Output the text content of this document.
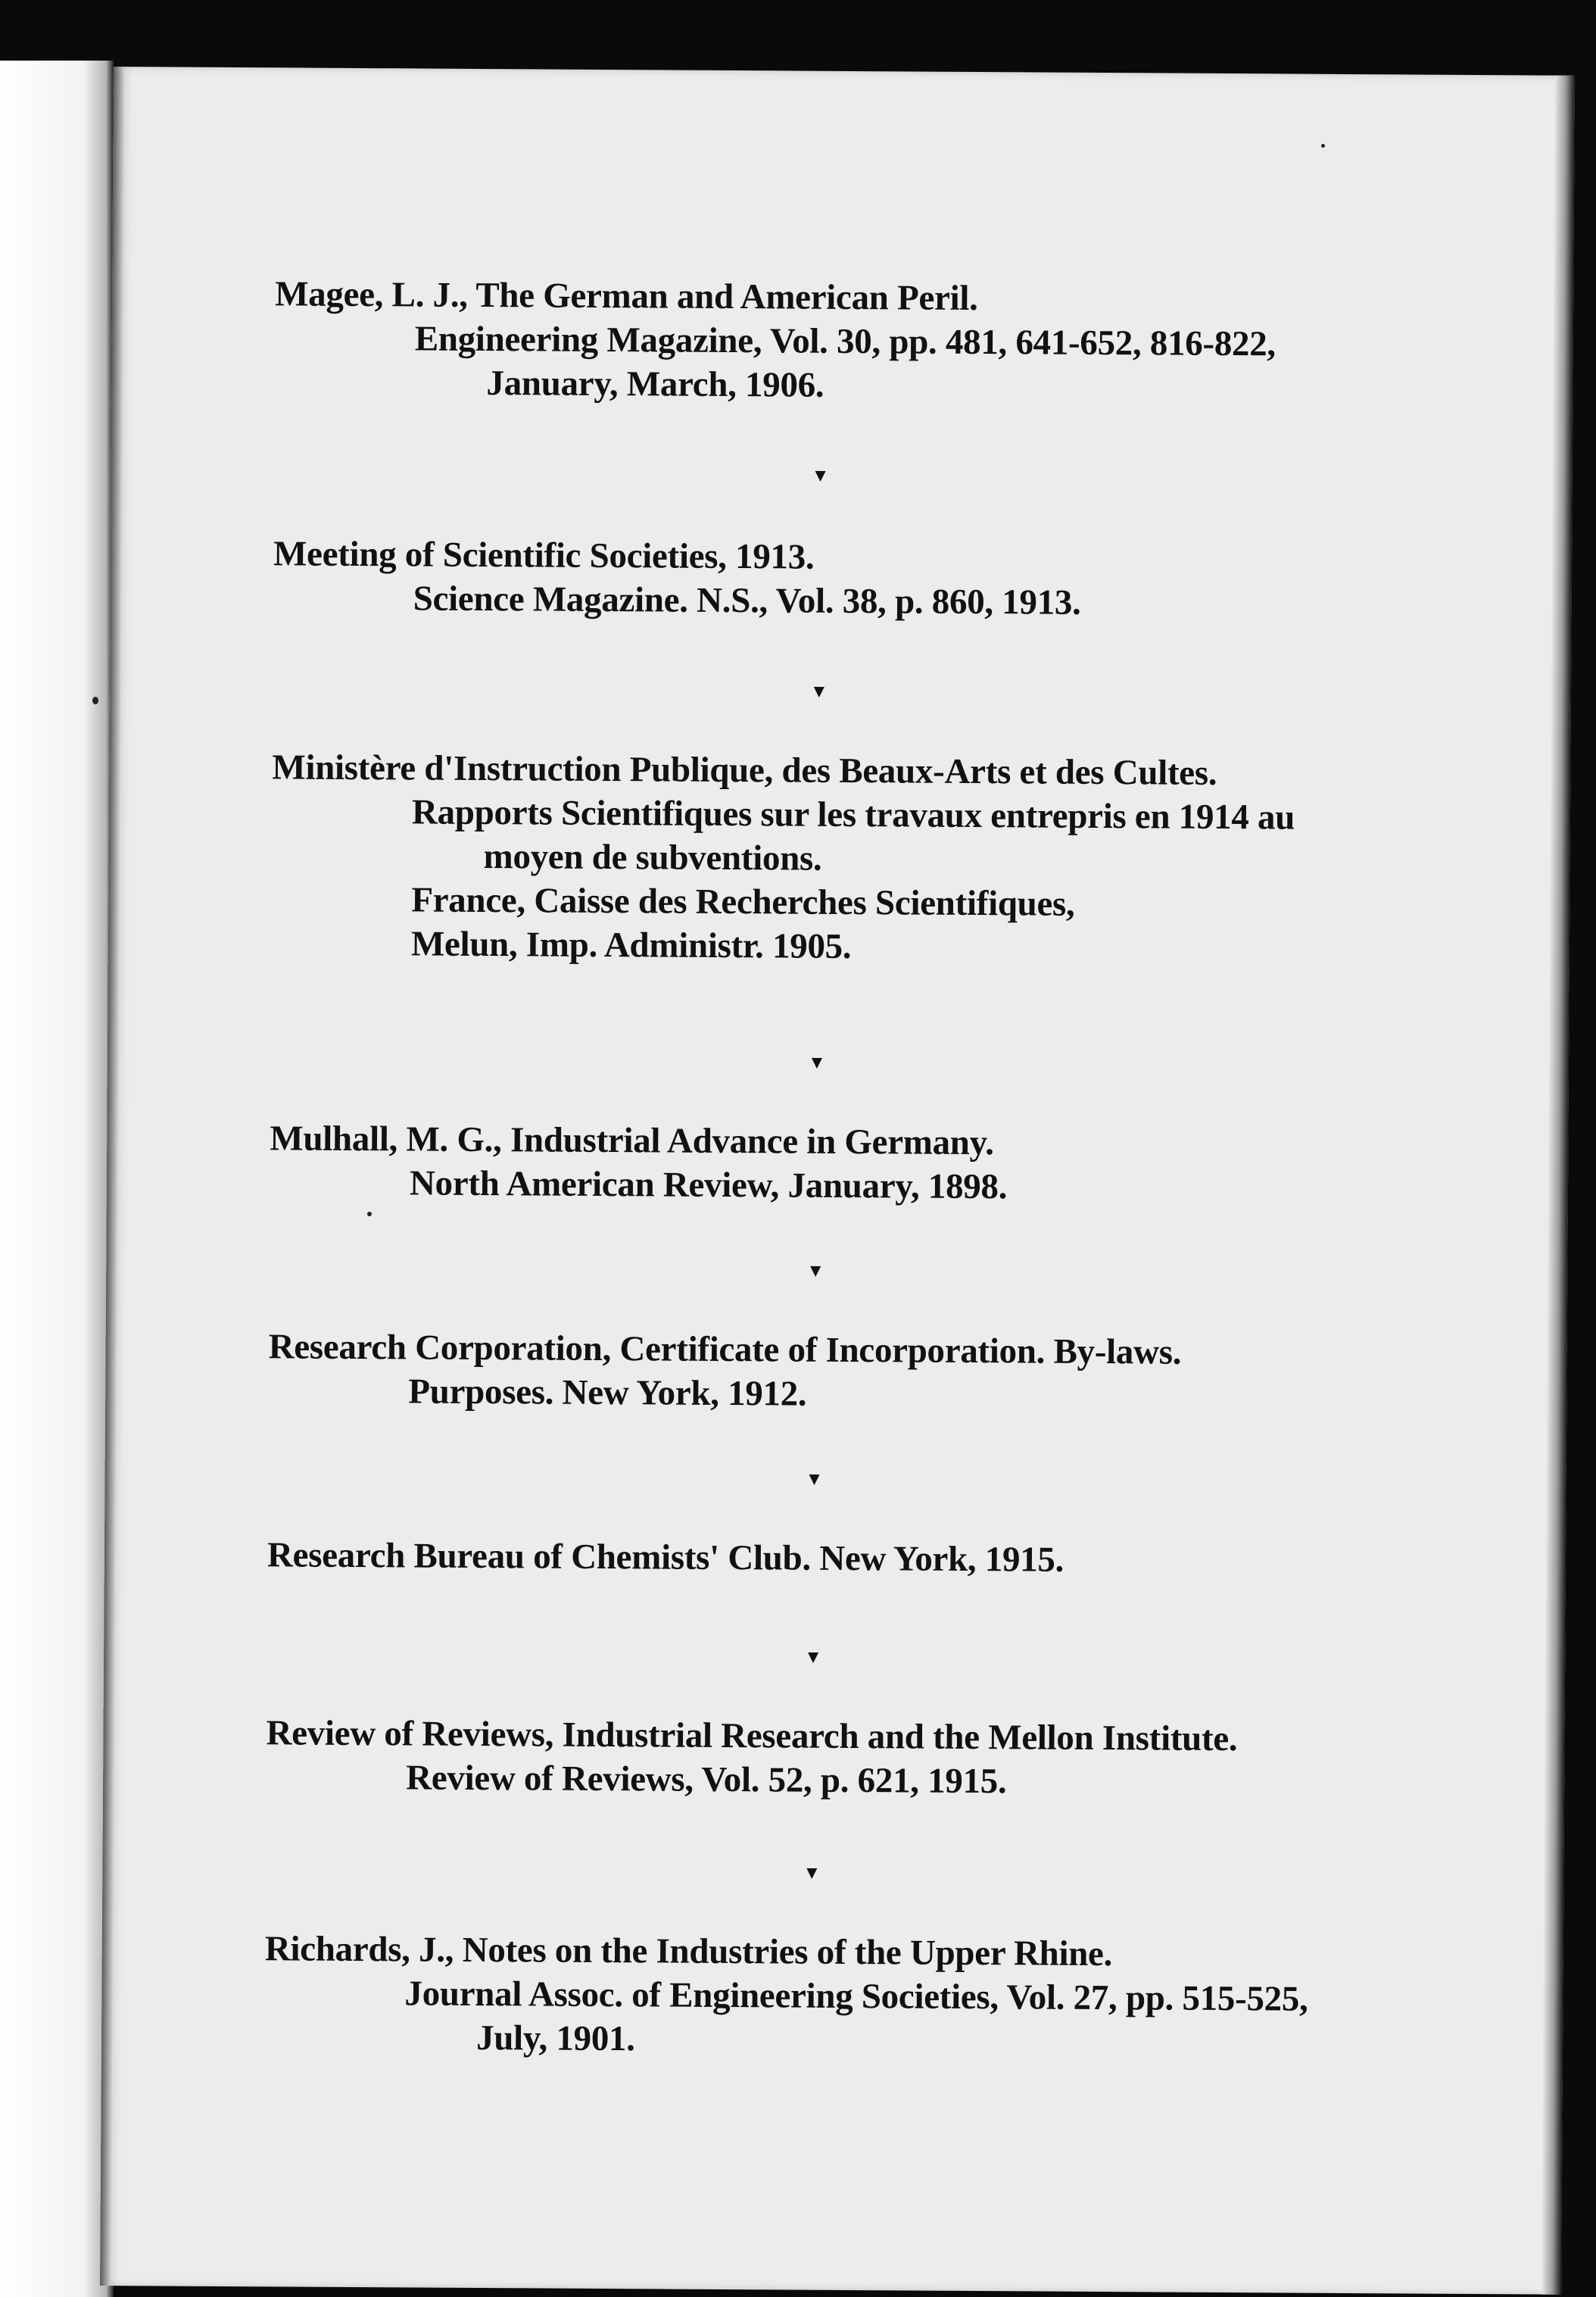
Magee, L. J., The German and American Peril.
Engineering Magazine, Vol. 30, pp. 481, 641-652, 816-822,
January, March, 1906.
▼
Meeting of Scientific Societies, 1913.
Science Magazine. N.S., Vol. 38, p. 860, 1913.
▼
Ministère d'Instruction Publique, des Beaux-Arts et des Cultes.
Rapports Scientifiques sur les travaux entrepris en 1914 au
moyen de subventions.
France, Caisse des Recherches Scientifiques,
Melun, Imp. Administr. 1905.
▼
Mulhall, M. G., Industrial Advance in Germany.
North American Review, January, 1898.
▼
Research Corporation, Certificate of Incorporation. By-laws.
Purposes. New York, 1912.
▼
Research Bureau of Chemists' Club. New York, 1915.
▼
Review of Reviews, Industrial Research and the Mellon Institute.
Review of Reviews, Vol. 52, p. 621, 1915.
▼
Richards, J., Notes on the Industries of the Upper Rhine.
Journal Assoc. of Engineering Societies, Vol. 27, pp. 515-525,
July, 1901.
